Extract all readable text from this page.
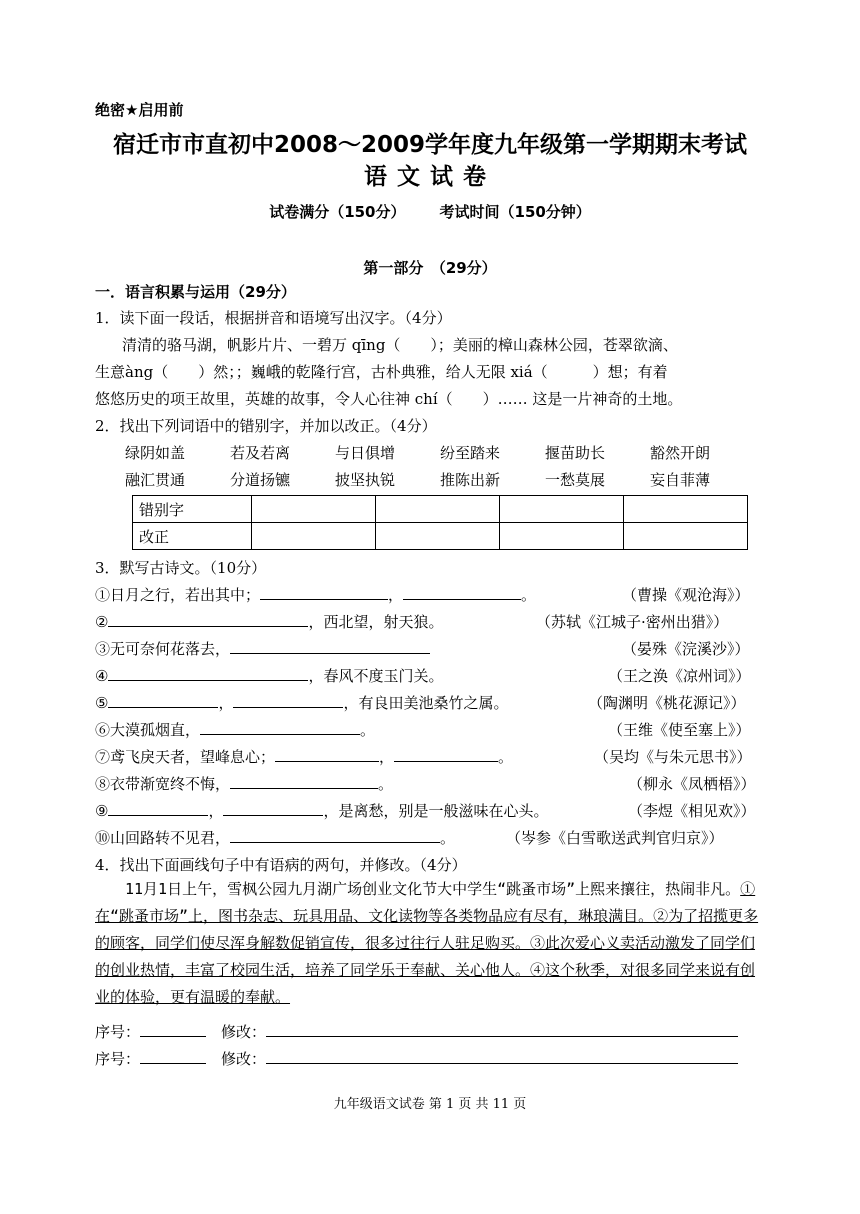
绝密★启用前
宿迁市市直初中2008～2009学年度九年级第一学期期末考试
语文试卷
试卷满分（150分） 考试时间（150分钟）
第一部分　（29分）
一．语言积累与运用（29分）
1．读下面一段话，根据拼音和语境写出汉字。（4分）
清清的骆马湖，帆影片片、一碧万 qīng（　　）；美丽的樟山森林公园，苍翠欲滴、
生意àng（　　）然；；巍峨的乾隆行宫，古朴典雅，给人无限 xiá（　　　）想；有着
悠悠历史的项王故里，英雄的故事，令人心往神 chí（　　）…… 这是一片神奇的土地。
2．找出下列词语中的错别字，并加以改正。（4分）
绿阴如盖	若及若离	与日俱增	纷至踏来	揠苗助长	豁然开朗
融汇贯通	分道扬镳	披坚执锐	推陈出新	一愁莫展	妄自菲薄
错别字				
改正				
3．默写古诗文。（10分）
①日月之行，若出其中；	，	。	（曹操《观沧海》）
②	，西北望，射天狼。	（苏轼《江城子·密州出猎》）
③无可奈何花落去，	（晏殊《浣溪沙》）
④	，春风不度玉门关。	（王之涣《凉州词》）
⑤	，	，有良田美池桑竹之属。	（陶渊明《桃花源记》）
⑥大漠孤烟直，	。	（王维《使至塞上》）
⑦鸢飞戾天者，望峰息心；	，	。	（吴均《与朱元思书》）
⑧衣带渐宽终不悔，	。	（柳永《凤栖梧》）
⑨	，	，是离愁，别是一般滋味在心头。	（李煜《相见欢》）
⑩山回路转不见君，	。	（岑参《白雪歌送武判官归京》）
4．找出下面画线句子中有语病的两句，并修改。（4分）
　　11月1日上午，雪枫公园九月湖广场创业文化节大中学生“跳蚤市场”上熙来攘往，热闹非凡。①在“跳蚤市场”上，图书杂志、玩具用品、文化读物等各类物品应有尽有，琳琅满目。②为了招揽更多的顾客，同学们使尽浑身解数促销宣传，很多过往行人驻足购买。③此次爱心义卖活动激发了同学们的创业热情，丰富了校园生活，培养了同学乐于奉献、关心他人。④这个秋季，对很多同学来说有创业的体验，更有温暖的奉献。
序号：　	修改：
序号：　	修改：
九年级语文试卷 第 1 页 共 11 页
